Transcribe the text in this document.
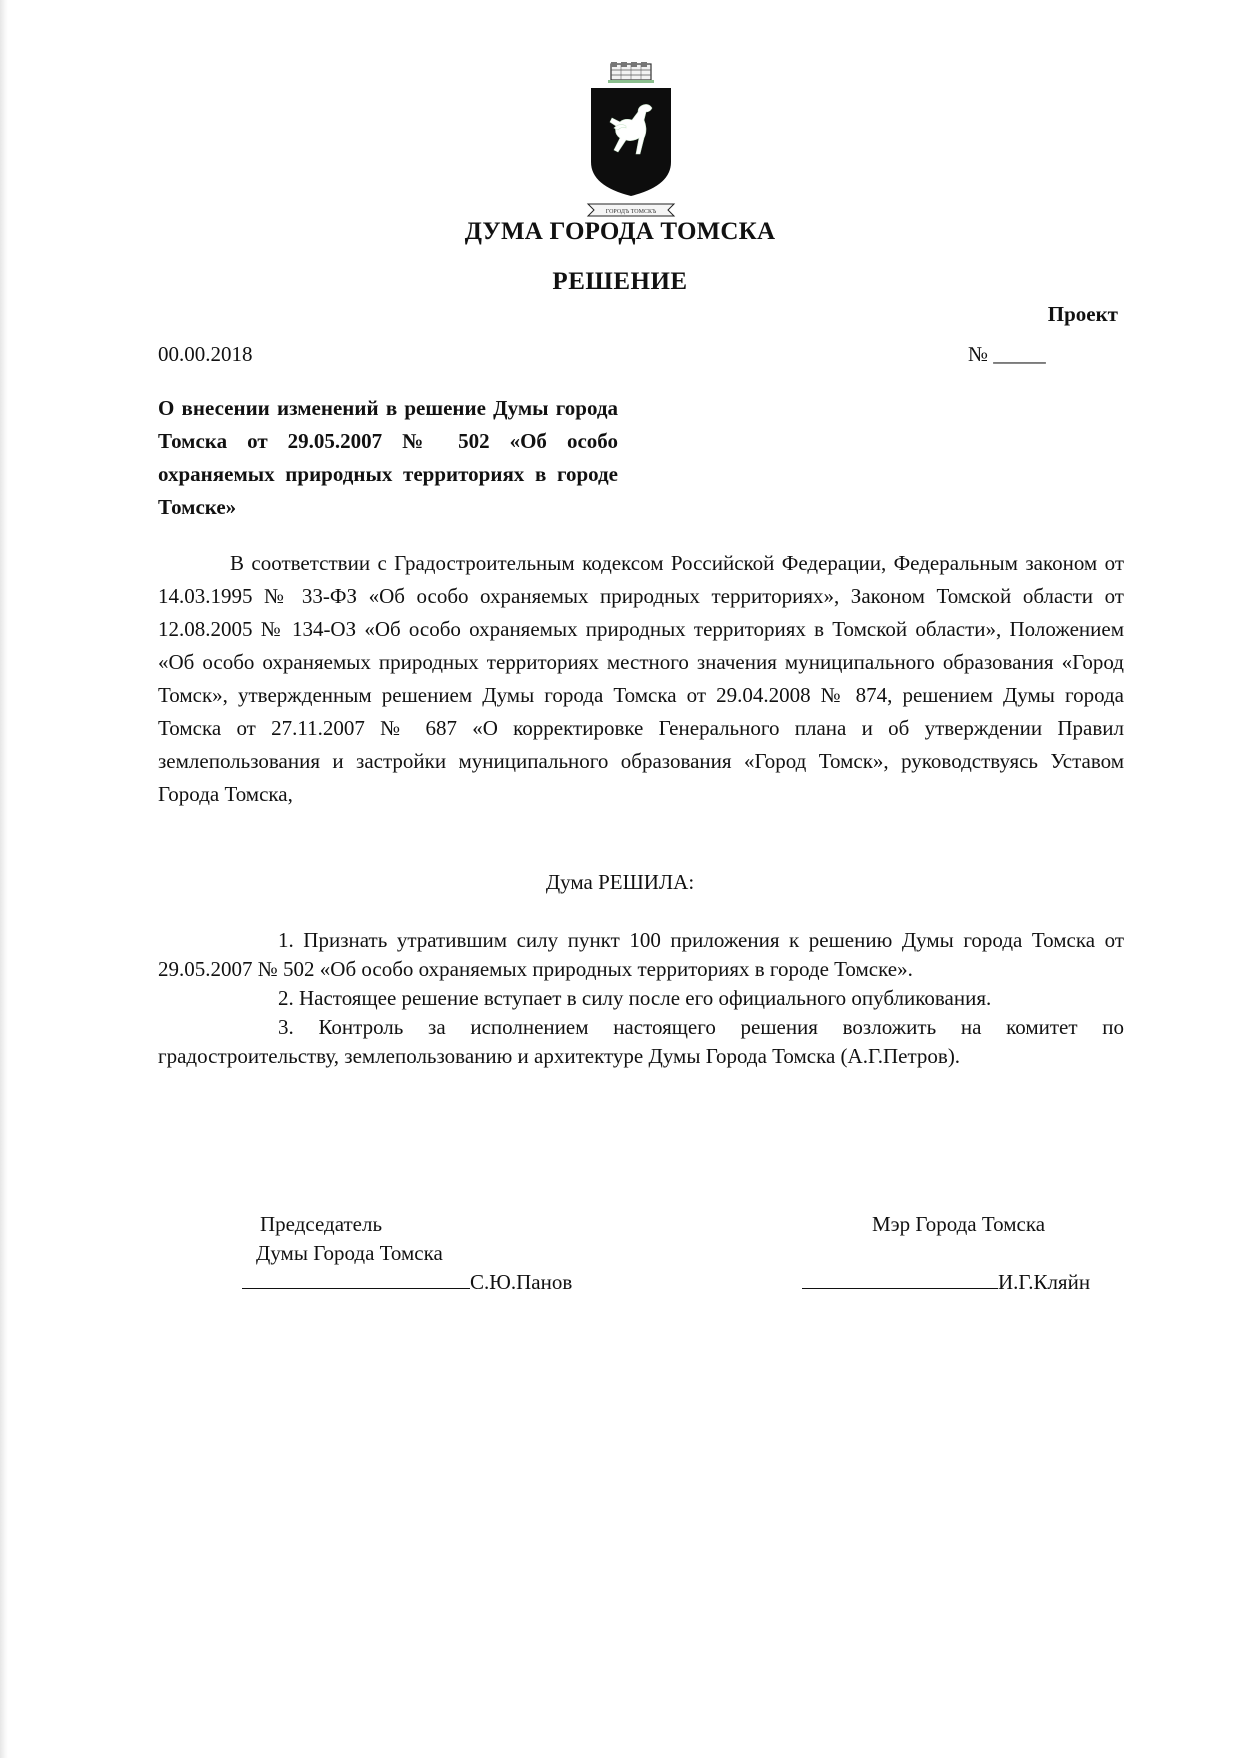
ГОРОДЪ ТОМСКЪ
ДУМА ГОРОДА ТОМСКА
РЕШЕНИЕ
Проект
00.00.2018	№ _____
О внесении изменений в решение Думы города Томска от 29.05.2007 № 502 «Об особо охраняемых природных территориях в городе Томске»

В соответствии с Градостроительным кодексом Российской Федерации, Федеральным законом от 14.03.1995 № 33-ФЗ «Об особо охраняемых природных территориях», Законом Томской области от 12.08.2005 № 134-ОЗ «Об особо охраняемых природных территориях в Томской области», Положением «Об особо охраняемых природных территориях местного значения муниципального образования «Город Томск», утвержденным решением Думы города Томска от 29.04.2008 № 874, решением Думы города Томска от 27.11.2007 № 687 «О корректировке Генерального плана и об утверждении Правил землепользования и застройки муниципального образования «Город Томск», руководствуясь Уставом Города Томска,

Дума РЕШИЛА:

1. Признать утратившим силу пункт 100 приложения к решению Думы города Томска от 29.05.2007 № 502 «Об особо охраняемых природных территориях в городе Томске».

2. Настоящее решение вступает в силу после его официального опубликования.

3. Контроль за исполнением настоящего решения возложить на комитет по градостроительству, землепользованию и архитектуре Думы Города Томска (А.Г.Петров).

Председатель
Думы Города Томска
С.Ю.Панов
Мэр Города Томска
И.Г.Кляйн
